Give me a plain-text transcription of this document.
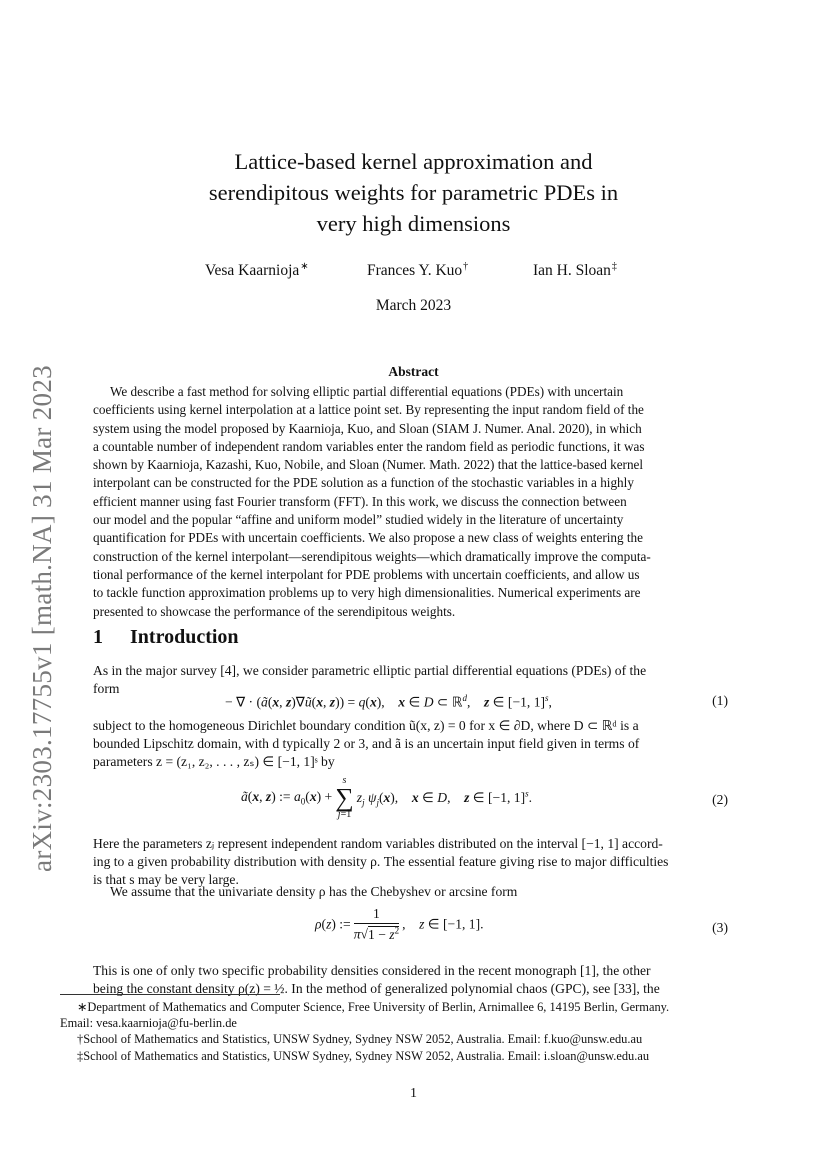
arXiv:2303.17755v1 [math.NA] 31 Mar 2023
Lattice-based kernel approximation and
serendipitous weights for parametric PDEs in
very high dimensions
Vesa Kaarnioja∗	Frances Y. Kuo†	Ian H. Sloan‡
March 2023
Abstract
We describe a fast method for solving elliptic partial differential equations (PDEs) with uncertain
coefficients using kernel interpolation at a lattice point set. By representing the input random field of the
system using the model proposed by Kaarnioja, Kuo, and Sloan (SIAM J. Numer. Anal. 2020), in which
a countable number of independent random variables enter the random field as periodic functions, it was
shown by Kaarnioja, Kazashi, Kuo, Nobile, and Sloan (Numer. Math. 2022) that the lattice-based kernel
interpolant can be constructed for the PDE solution as a function of the stochastic variables in a highly
efficient manner using fast Fourier transform (FFT). In this work, we discuss the connection between
our model and the popular “affine and uniform model” studied widely in the literature of uncertainty
quantification for PDEs with uncertain coefficients. We also propose a new class of weights entering the
construction of the kernel interpolant—serendipitous weights—which dramatically improve the computa-
tional performance of the kernel interpolant for PDE problems with uncertain coefficients, and allow us
to tackle function approximation problems up to very high dimensionalities. Numerical experiments are
presented to showcase the performance of the serendipitous weights.
1 Introduction
As in the major survey [4], we consider parametric elliptic partial differential equations (PDEs) of the
form
− ∇ · (ã(x, z)∇ũ(x, z)) = q(x),    x ∈ D ⊂ ℝ$^d$,    z ∈ [−1, 1]$^s$,	(1)
subject to the homogeneous Dirichlet boundary condition ũ(x, z) = 0 for x ∈ ∂D, where D ⊂ ℝᵈ is a
bounded Lipschitz domain, with d typically 2 or 3, and ã is an uncertain input field given in terms of
parameters z = (z₁, z₂, . . . , zₛ) ∈ [−1, 1]ˢ by
ã(x, z) := $a_0(x) +s$
∑
$j=1z_j$ $\psi_j(x)$,    x ∈ D,    z ∈ [−1, 1]$^s$.	(2)
Here the parameters zⱼ represent independent random variables distributed on the interval [−1, 1] accord-
ing to a given probability distribution with density ρ. The essential feature giving rise to major difficulties
is that s may be very large.
We assume that the univariate density ρ has the Chebyshev or arcsine form
ρ(z) := $\frac{1}{\pi√1 - z^2}$ ,    z ∈ [−1, 1].	(3)
This is one of only two specific probability densities considered in the recent monograph [1], the other
being the constant density ρ(z) = ½. In the method of generalized polynomial chaos (GPC), see [33], the
∗Department of Mathematics and Computer Science, Free University of Berlin, Arnimallee 6, 14195 Berlin, Germany.
Email: vesa.kaarnioja@fu-berlin.de
†School of Mathematics and Statistics, UNSW Sydney, Sydney NSW 2052, Australia. Email: f.kuo@unsw.edu.au
‡School of Mathematics and Statistics, UNSW Sydney, Sydney NSW 2052, Australia. Email: i.sloan@unsw.edu.au
1
